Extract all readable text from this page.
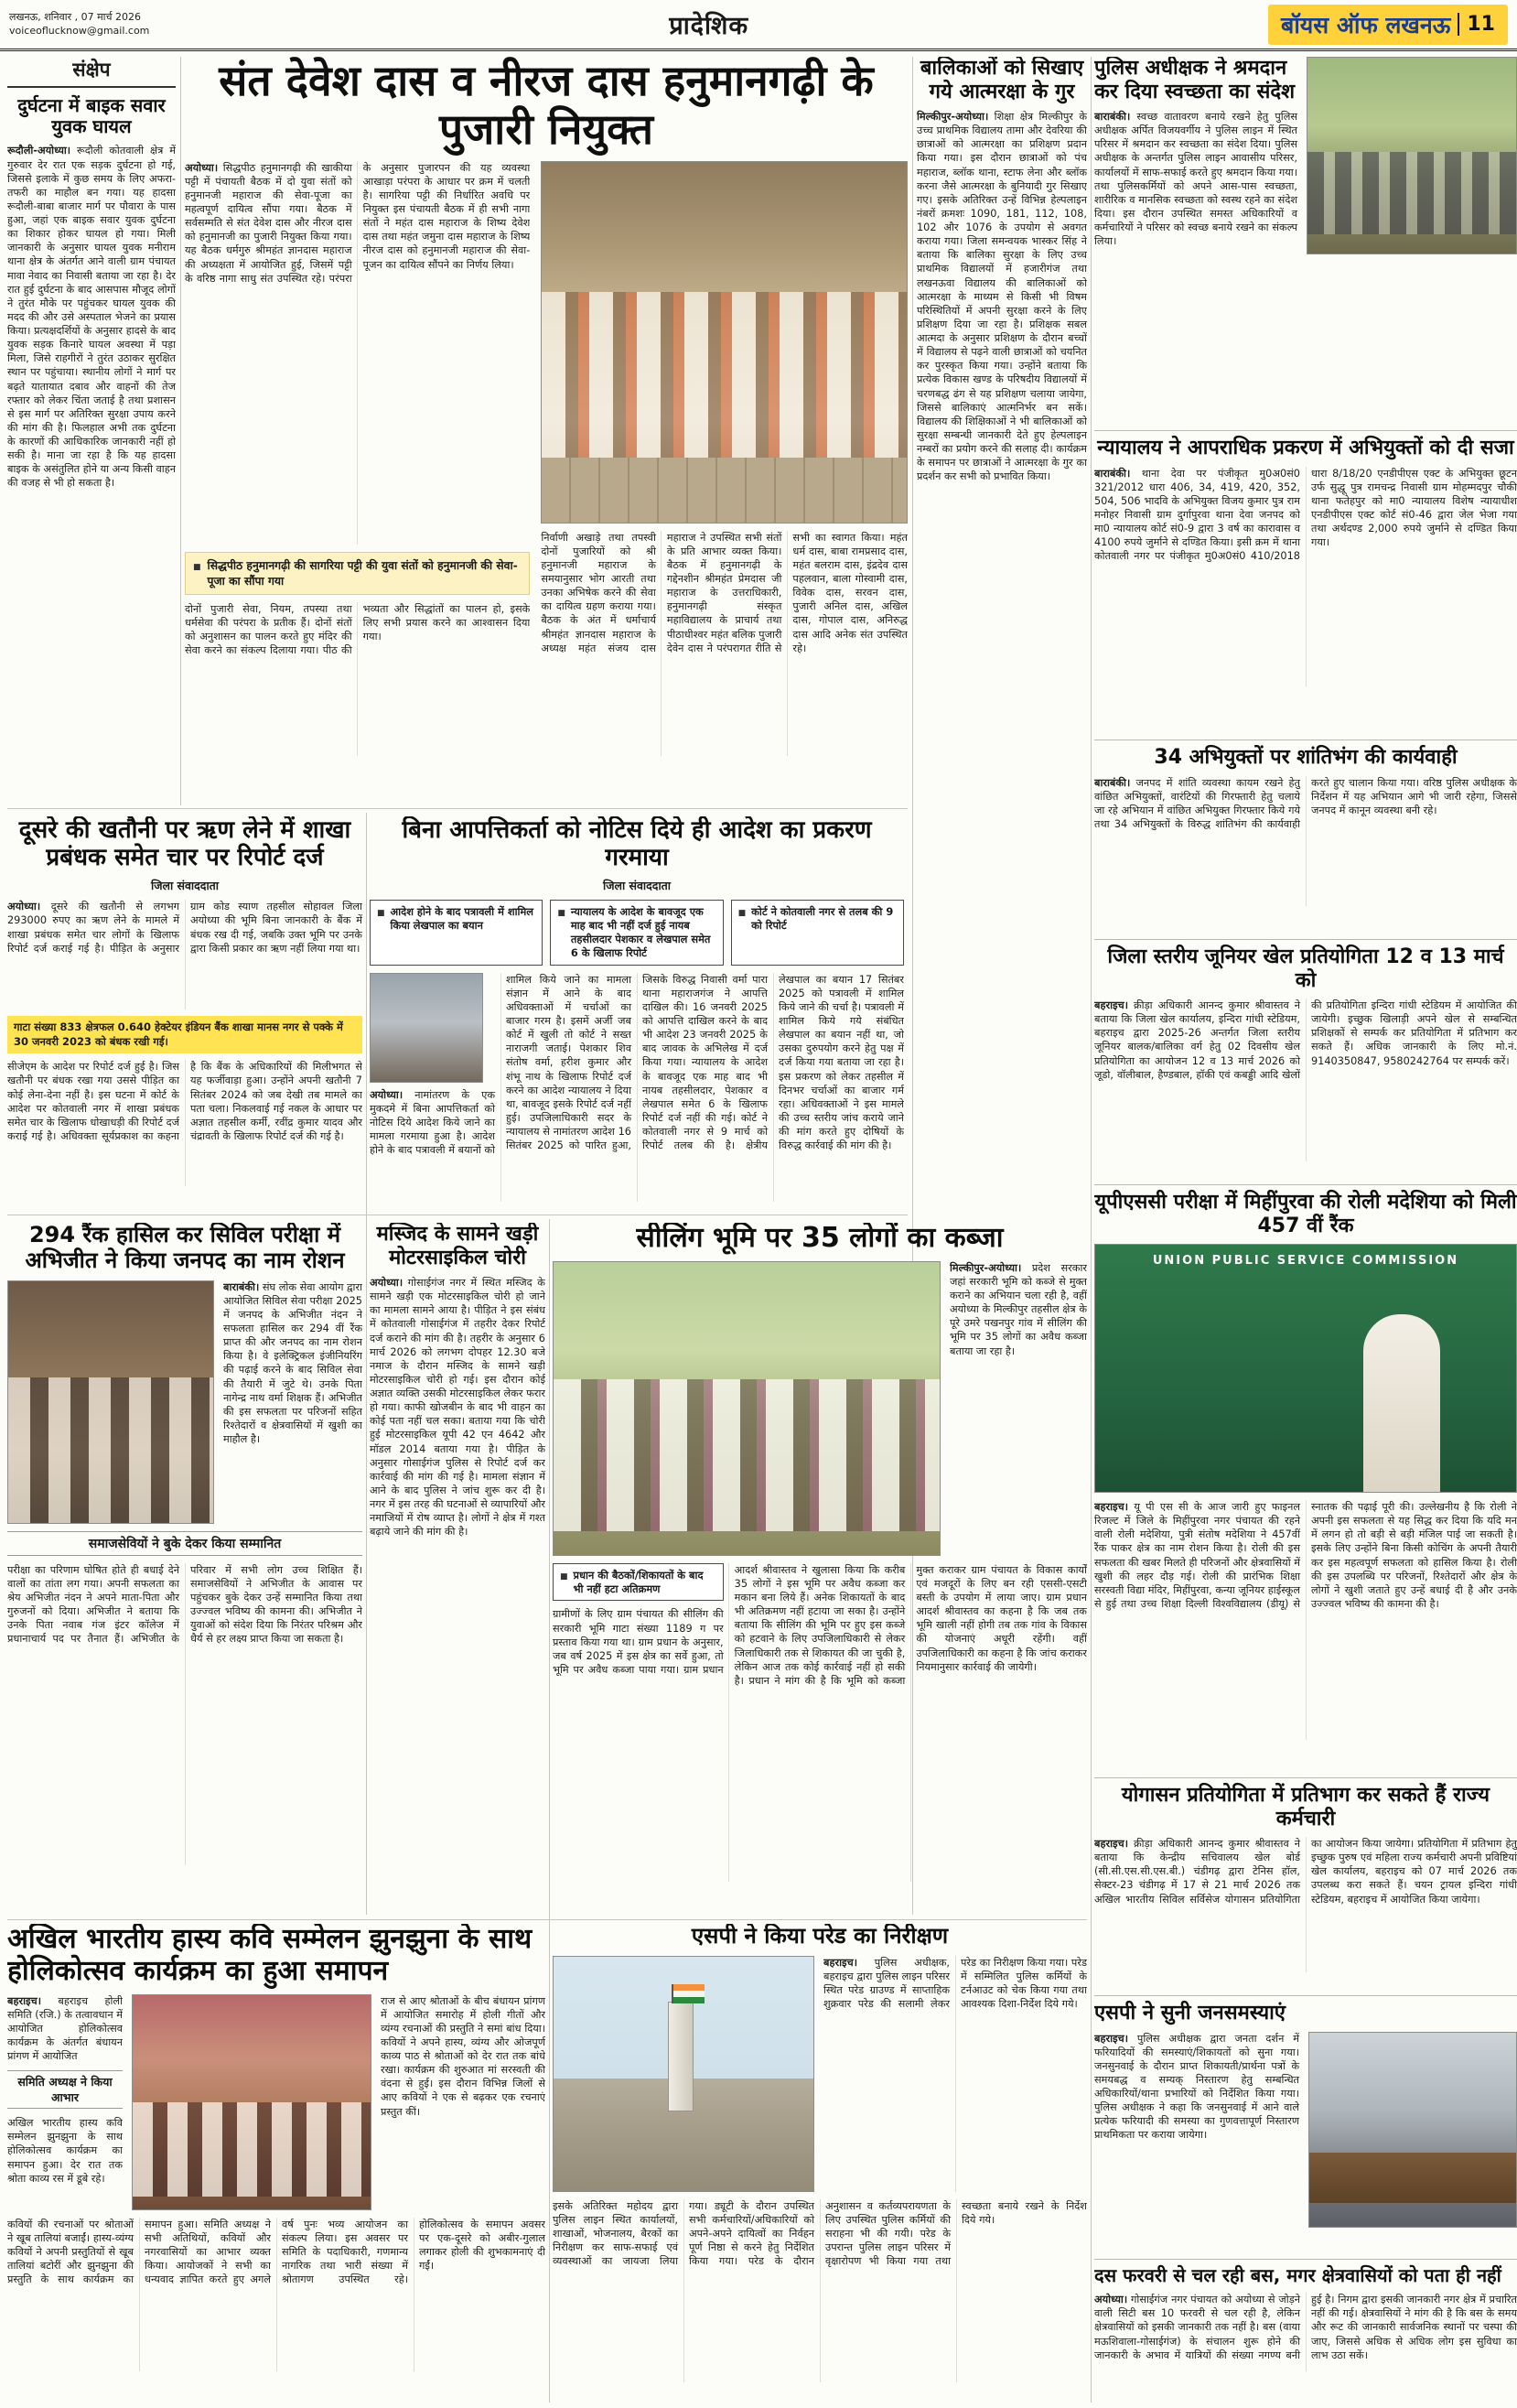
लखनऊ, शनिवार , 07 मार्च 2026
voiceoflucknow@gmail.com	प्रादेशिक	बॉयस ऑफ लखनऊ 11
संक्षेप
दुर्घटना में बाइक सवार युवक घायल

रूदौली-अयोध्या। रूदौली कोतवाली क्षेत्र में गुरुवार देर रात एक सड़क दुर्घटना हो गई, जिससे इलाके में कुछ समय के लिए अफरा-तफरी का माहौल बन गया। यह हादसा रूदौली-बाबा बाजार मार्ग पर पौवारा के पास हुआ, जहां एक बाइक सवार युवक दुर्घटना का शिकार होकर घायल हो गया। मिली जानकारी के अनुसार घायल युवक मनीराम थाना क्षेत्र के अंतर्गत आने वाली ग्राम पंचायत मावा नेवाद का निवासी बताया जा रहा है। देर रात हुई दुर्घटना के बाद आसपास मौजूद लोगों ने तुरंत मौके पर पहुंचकर घायल युवक की मदद की और उसे अस्पताल भेजने का प्रयास किया। प्रत्यक्षदर्शियों के अनुसार हादसे के बाद युवक सड़क किनारे घायल अवस्था में पड़ा मिला, जिसे राहगीरों ने तुरंत उठाकर सुरक्षित स्थान पर पहुंचाया। स्थानीय लोगों ने मार्ग पर बढ़ते यातायात दबाव और वाहनों की तेज रफ्तार को लेकर चिंता जताई है तथा प्रशासन से इस मार्ग पर अतिरिक्त सुरक्षा उपाय करने की मांग की है। फिलहाल अभी तक दुर्घटना के कारणों की आधिकारिक जानकारी नहीं हो सकी है। माना जा रहा है कि यह हादसा बाइक के असंतुलित होने या अन्य किसी वाहन की वजह से भी हो सकता है।

संत देवेश दास व नीरज दास हनुमानगढ़ी के पुजारी नियुक्त

अयोध्या। सिद्धपीठ हनुमानगढ़ी की खाकीया पट्टी में पंचायती बैठक में दो युवा संतों को हनुमानजी महाराज की सेवा-पूजा का महत्वपूर्ण दायित्व सौंपा गया। बैठक में सर्वसम्मति से संत देवेश दास और नीरज दास को हनुमानजी का पुजारी नियुक्त किया गया। यह बैठक धर्मगुरु श्रीमहंत ज्ञानदास महाराज की अध्यक्षता में आयोजित हुई, जिसमें पट्टी के वरिष्ठ नागा साधु संत उपस्थित रहे। परंपरा के अनुसार पुजारपन की यह व्यवस्था आखाड़ा परंपरा के आधार पर क्रम में चलती है। सागरिया पट्टी की निर्धारित अवधि पर नियुक्त इस पंचायती बैठक में ही सभी नागा संतों ने महंत दास महाराज के शिष्य देवेश दास तथा महंत जमुना दास महाराज के शिष्य नीरज दास को हनुमानजी महाराज की सेवा-पूजन का दायित्व सौंपने का निर्णय लिया।

■
सिद्धपीठ हनुमानगढ़ी की सागरिया पट्टी की युवा संतों को हनुमानजी की सेवा-पूजा का सौंपा गया

दोनों पुजारी सेवा, नियम, तपस्या तथा धर्मसेवा की परंपरा के प्रतीक हैं। दोनों संतों को अनुशासन का पालन करते हुए मंदिर की सेवा करने का संकल्प दिलाया गया। पीठ की भव्यता और सिद्धांतों का पालन हो, इसके लिए सभी प्रयास करने का आश्वासन दिया गया।

निर्वाणी अखाड़े तथा तपस्वी दोनों पुजारियों को श्री हनुमानजी महाराज के समयानुसार भोग आरती तथा उनका अभिषेक करने की सेवा का दायित्व ग्रहण कराया गया। बैठक के अंत में धर्माचार्य श्रीमहंत ज्ञानदास महाराज के अध्यक्ष महंत संजय दास महाराज ने उपस्थित सभी संतों के प्रति आभार व्यक्त किया। बैठक में हनुमानगढ़ी के गद्देनशीन श्रीमहंत प्रेमदास जी महाराज के उत्तराधिकारी, हनुमानगढ़ी संस्कृत महाविद्यालय के प्राचार्य तथा पीठाधीश्वर महंत बलिक पुजारी देवेन दास ने परंपरागत रीति से सभी का स्वागत किया। महंत धर्म दास, बाबा रामप्रसाद दास, महंत बलराम दास, इंद्रदेव दास पहलवान, बाला गोस्वामी दास, विवेक दास, सरवन दास, पुजारी अनिल दास, अखिल दास, गोपाल दास, अनिरुद्ध दास आदि अनेक संत उपस्थित रहे।

बालिकाओं को सिखाए गये आत्मरक्षा के गुर

मिल्कीपुर-अयोध्या। शिक्षा क्षेत्र मिल्कीपुर के उच्च प्राथमिक विद्यालय तामा और देवरिया की छात्राओं को आत्मरक्षा का प्रशिक्षण प्रदान किया गया। इस दौरान छात्राओं को पंच महाराज, ब्लॉक थाना, स्टाफ लेना और ब्लॉक करना जैसे आत्मरक्षा के बुनियादी गुर सिखाए गए। इसके अतिरिक्त उन्हें विभिन्न हेल्पलाइन नंबरों क्रमशः 1090, 181, 112, 108, 102 और 1076 के उपयोग से अवगत कराया गया। जिला समन्वयक भास्कर सिंह ने बताया कि बालिका सुरक्षा के लिए उच्च प्राथमिक विद्यालयों में हजारीगंज तथा लखनऊवा विद्यालय की बालिकाओं को आत्मरक्षा के माध्यम से किसी भी विषम परिस्थितियों में अपनी सुरक्षा करने के लिए प्रशिक्षण दिया जा रहा है। प्रशिक्षक सबल आत्मदा के अनुसार प्रशिक्षण के दौरान बच्चों में विद्यालय से पढ़ने वाली छात्राओं को चयनित कर पुरस्कृत किया गया। उन्होंने बताया कि प्रत्येक विकास खण्ड के परिषदीय विद्यालयों में चरणबद्ध ढंग से यह प्रशिक्षण चलाया जायेगा, जिससे बालिकाएं आत्मनिर्भर बन सकें। विद्यालय की शिक्षिकाओं ने भी बालिकाओं को सुरक्षा सम्बन्धी जानकारी देते हुए हेल्पलाइन नम्बरों का प्रयोग करने की सलाह दी। कार्यक्रम के समापन पर छात्राओं ने आत्मरक्षा के गुर का प्रदर्शन कर सभी को प्रभावित किया।

पुलिस अधीक्षक ने श्रमदान कर दिया स्वच्छता का संदेश

बाराबंकी। स्वच्छ वातावरण बनाये रखने हेतु पुलिस अधीक्षक अर्पित विजयवर्गीय ने पुलिस लाइन में स्थित परिसर में श्रमदान कर स्वच्छता का संदेश दिया। पुलिस अधीक्षक के अन्तर्गत पुलिस लाइन आवासीय परिसर, कार्यालयों में साफ-सफाई करते हुए श्रमदान किया गया। तथा पुलिसकर्मियों को अपने आस-पास स्वच्छता, शारीरिक व मानसिक स्वच्छता को स्वस्थ रहने का संदेश दिया। इस दौरान उपस्थित समस्त अधिकारियों व कर्मचारियों ने परिसर को स्वच्छ बनाये रखने का संकल्प लिया।

न्यायालय ने आपराधिक प्रकरण में अभियुक्तों को दी सजा

बाराबंकी। थाना देवा पर पंजीकृत मु0अ0सं0 321/2012 धारा 406, 34, 419, 420, 352, 504, 506 भादवि के अभियुक्त विजय कुमार पुत्र राम मनोहर निवासी ग्राम दुर्गापुरवा थाना देवा जनपद को मा0 न्यायालय कोर्ट सं0-9 द्वारा 3 वर्ष का कारावास व 4100 रुपये जुर्माने से दण्डित किया। इसी क्रम में थाना कोतवाली नगर पर पंजीकृत मु0अ0सं0 410/2018 धारा 8/18/20 एनडीपीएस एक्ट के अभियुक्त छूटन उर्फ सुद्धू पुत्र रामचन्द्र निवासी ग्राम मोहम्मदपुर चौकी थाना फतेहपुर को मा0 न्यायालय विशेष न्यायाधीश एनडीपीएस एक्ट कोर्ट सं0-46 द्वारा जेल भेजा गया तथा अर्थदण्ड 2,000 रुपये जुर्माने से दण्डित किया गया।

34 अभियुक्तों पर शांतिभंग की कार्यवाही

बाराबंकी। जनपद में शांति व्यवस्था कायम रखने हेतु वांछित अभियुक्तों, वारंटियों की गिरफ्तारी हेतु चलाये जा रहे अभियान में वांछित अभियुक्त गिरफ्तार किये गये तथा 34 अभियुक्तों के विरुद्ध शांतिभंग की कार्यवाही करते हुए चालान किया गया। वरिष्ठ पुलिस अधीक्षक के निर्देशन में यह अभियान आगे भी जारी रहेगा, जिससे जनपद में कानून व्यवस्था बनी रहे।

जिला स्तरीय जूनियर खेल प्रतियोगिता 12 व 13 मार्च को

बहराइच। क्रीड़ा अधिकारी आनन्द कुमार श्रीवास्तव ने बताया कि जिला खेल कार्यालय, इन्दिरा गांधी स्टेडियम, बहराइच द्वारा 2025-26 अन्तर्गत जिला स्तरीय जूनियर बालक/बालिका वर्ग हेतु 02 दिवसीय खेल प्रतियोगिता का आयोजन 12 व 13 मार्च 2026 को जूडो, वॉलीबाल, हैण्डबाल, हॉकी एवं कबड्डी आदि खेलों की प्रतियोगिता इन्दिरा गांधी स्टेडियम में आयोजित की जायेगी। इच्छुक खिलाड़ी अपने खेल से सम्बन्धित प्रशिक्षकों से सम्पर्क कर प्रतियोगिता में प्रतिभाग कर सकते हैं। अधिक जानकारी के लिए मो.नं. 9140350847, 9580242764 पर सम्पर्क करें।

यूपीएससी परीक्षा में मिहींपुरवा की रोली मदेशिया को मिली 457 वीं रैंक
UNION PUBLIC SERVICE COMMISSION

बहराइच। यू पी एस सी के आज जारी हुए फाइनल रिजल्ट में जिले के मिहींपुरवा नगर पंचायत की रहने वाली रोली मदेशिया, पुत्री संतोष मदेशिया ने 457वीं रैंक पाकर क्षेत्र का नाम रोशन किया है। रोली की इस सफलता की खबर मिलते ही परिजनों और क्षेत्रवासियों में खुशी की लहर दौड़ गई। रोली की प्रारंभिक शिक्षा सरस्वती विद्या मंदिर, मिहींपुरवा, कन्या जूनियर हाईस्कूल से हुई तथा उच्च शिक्षा दिल्ली विश्वविद्यालय (डीयू) से स्नातक की पढ़ाई पूरी की। उल्लेखनीय है कि रोली ने अपनी इस सफलता से यह सिद्ध कर दिया कि यदि मन में लगन हो तो बड़ी से बड़ी मंजिल पाई जा सकती है। इसके लिए उन्होंने बिना किसी कोचिंग के अपनी तैयारी कर इस महत्वपूर्ण सफलता को हासिल किया है। रोली की इस उपलब्धि पर परिजनों, रिश्तेदारों और क्षेत्र के लोगों ने खुशी जताते हुए उन्हें बधाई दी है और उनके उज्ज्वल भविष्य की कामना की है।

योगासन प्रतियोगिता में प्रतिभाग कर सकते हैं राज्य कर्मचारी

बहराइच। क्रीड़ा अधिकारी आनन्द कुमार श्रीवास्तव ने बताया कि केन्द्रीय सचिवालय खेल बोर्ड (सी.सी.एस.सी.एस.बी.) चंडीगढ़ द्वारा टेनिस हॉल, सेक्टर-23 चंडीगढ़ में 17 से 21 मार्च 2026 तक अखिल भारतीय सिविल सर्विसेज योगासन प्रतियोगिता का आयोजन किया जायेगा। प्रतियोगिता में प्रतिभाग हेतु इच्छुक पुरुष एवं महिला राज्य कर्मचारी अपनी प्रविष्टियां खेल कार्यालय, बहराइच को 07 मार्च 2026 तक उपलब्ध करा सकते हैं। चयन ट्रायल इन्दिरा गांधी स्टेडियम, बहराइच में आयोजित किया जायेगा।

एसपी ने सुनी जनसमस्याएं

बहराइच। पुलिस अधीक्षक द्वारा जनता दर्शन में फरियादियों की समस्याएं/शिकायतों को सुना गया। जनसुनवाई के दौरान प्राप्त शिकायती/प्रार्थना पत्रों के समयबद्ध व सम्यक् निस्तारण हेतु सम्बन्धित अधिकारियों/थाना प्रभारियों को निर्देशित किया गया। पुलिस अधीक्षक ने कहा कि जनसुनवाई में आने वाले प्रत्येक फरियादी की समस्या का गुणवत्तापूर्ण निस्तारण प्राथमिकता पर कराया जायेगा।

दस फरवरी से चल रही बस, मगर क्षेत्रवासियों को पता ही नहीं

अयोध्या। गोसाईगंज नगर पंचायत को अयोध्या से जोड़ने वाली सिटी बस 10 फरवरी से चल रही है, लेकिन क्षेत्रवासियों को इसकी जानकारी तक नहीं है। बस (वाया मऊशिवाला-गोसाईगंज) के संचालन शुरू होने की जानकारी के अभाव में यात्रियों की संख्या नगण्य बनी हुई है। निगम द्वारा इसकी जानकारी नगर क्षेत्र में प्रचारित नहीं की गई। क्षेत्रवासियों ने मांग की है कि बस के समय और रूट की जानकारी सार्वजनिक स्थानों पर चस्पा की जाए, जिससे अधिक से अधिक लोग इस सुविधा का लाभ उठा सकें।

दूसरे की खतौनी पर ऋण लेने में शाखा प्रबंधक समेत चार पर रिपोर्ट दर्ज
जिला संवाददाता

अयोध्या। दूसरे की खतौनी से लगभग 293000 रुपए का ऋण लेने के मामले में शाखा प्रबंधक समेत चार लोगों के खिलाफ रिपोर्ट दर्ज कराई गई है। पीड़ित के अनुसार ग्राम कोड स्याण तहसील सोहावल जिला अयोध्या की भूमि बिना जानकारी के बैंक में बंधक रख दी गई, जबकि उक्त भूमि पर उनके द्वारा किसी प्रकार का ऋण नहीं लिया गया था।

गाटा संख्या 833 क्षेत्रफल 0.640 हेक्टेयर इंडियन बैंक शाखा मानस नगर से पक्के में 30 जनवरी 2023 को बंधक रखी गई।

सीजेएम के आदेश पर रिपोर्ट दर्ज हुई है। जिस खतौनी पर बंधक रखा गया उससे पीड़ित का कोई लेना-देना नहीं है। इस घटना में कोर्ट के आदेश पर कोतवाली नगर में शाखा प्रबंधक समेत चार के खिलाफ धोखाधड़ी की रिपोर्ट दर्ज कराई गई है। अधिवक्ता सूर्यप्रकाश का कहना है कि बैंक के अधिकारियों की मिलीभगत से यह फर्जीवाड़ा हुआ। उन्होंने अपनी खतौनी 7 सितंबर 2024 को जब देखी तब मामले का पता चला। निकलवाई गई नकल के आधार पर अज्ञात तहसील कर्मी, रवींद्र कुमार यादव और चंद्रावती के खिलाफ रिपोर्ट दर्ज की गई है।

बिना आपत्तिकर्ता को नोटिस दिये ही आदेश का प्रकरण गरमाया
जिला संवाददाता
■
आदेश होने के बाद पत्रावली में शामिल किया लेखपाल का बयान
■
न्यायालय के आदेश के बावजूद एक माह बाद भी नहीं दर्ज हुई नायब तहसीलदार पेशकार व लेखपाल समेत 6 के खिलाफ रिपोर्ट
■
कोर्ट ने कोतवाली नगर से तलब की 9 को रिपोर्ट

अयोध्या। नामांतरण के एक मुकदमे में बिना आपत्तिकर्ता को नोटिस दिये आदेश किये जाने का मामला गरमाया हुआ है। आदेश होने के बाद पत्रावली में बयानों को शामिल किये जाने का मामला संज्ञान में आने के बाद अधिवक्ताओं में चर्चाओं का बाजार गरम है। इसमें अर्जी जब कोर्ट में खुली तो कोर्ट ने सख्त नाराजगी जताई। पेशकार शिव संतोष वर्मा, हरीश कुमार और शंभू नाथ के खिलाफ रिपोर्ट दर्ज करने का आदेश न्यायालय ने दिया था, बावजूद इसके रिपोर्ट दर्ज नहीं हुई। उपजिलाधिकारी सदर के न्यायालय से नामांतरण आदेश 16 सितंबर 2025 को पारित हुआ, जिसके विरुद्ध निवासी वर्मा पारा थाना महाराजगंज ने आपत्ति दाखिल की। 16 जनवरी 2025 को आपत्ति दाखिल करने के बाद भी आदेश 23 जनवरी 2025 के बाद जावक के अभिलेख में दर्ज किया गया। न्यायालय के आदेश के बावजूद एक माह बाद भी नायब तहसीलदार, पेशकार व लेखपाल समेत 6 के खिलाफ रिपोर्ट दर्ज नहीं की गई। कोर्ट ने कोतवाली नगर से 9 मार्च को रिपोर्ट तलब की है। क्षेत्रीय लेखपाल का बयान 17 सितंबर 2025 को पत्रावली में शामिल किये जाने की चर्चा है। पत्रावली में शामिल किये गये संबंधित लेखपाल का बयान नहीं था, जो उसका दुरुपयोग करने हेतु पक्ष में दर्ज किया गया बताया जा रहा है। इस प्रकरण को लेकर तहसील में दिनभर चर्चाओं का बाजार गर्म रहा। अधिवक्ताओं ने इस मामले की उच्च स्तरीय जांच कराये जाने की मांग करते हुए दोषियों के विरुद्ध कार्रवाई की मांग की है।

294 रैंक हासिल कर सिविल परीक्षा में अभिजीत ने किया जनपद का नाम रोशन

बाराबंकी। संघ लोक सेवा आयोग द्वारा आयोजित सिविल सेवा परीक्षा 2025 में जनपद के अभिजीत नंदन ने सफलता हासिल कर 294 वीं रैंक प्राप्त की और जनपद का नाम रोशन किया है। वे इलेक्ट्रिकल इंजीनियरिंग की पढ़ाई करने के बाद सिविल सेवा की तैयारी में जुटे थे। उनके पिता नागेन्द्र नाथ वर्मा शिक्षक हैं। अभिजीत की इस सफलता पर परिजनों सहित रिश्तेदारों व क्षेत्रवासियों में खुशी का माहौल है।

समाजसेवियों ने बुके देकर किया सम्मानित

परीक्षा का परिणाम घोषित होते ही बधाई देने वालों का तांता लग गया। अपनी सफलता का श्रेय अभिजीत नंदन ने अपने माता-पिता और गुरुजनों को दिया। अभिजीत ने बताया कि उनके पिता नवाब गंज इंटर कॉलेज में प्रधानाचार्य पद पर तैनात हैं। अभिजीत के परिवार में सभी लोग उच्च शिक्षित हैं। समाजसेवियों ने अभिजीत के आवास पर पहुंचकर बुके देकर उन्हें सम्मानित किया तथा उज्ज्वल भविष्य की कामना की। अभिजीत ने युवाओं को संदेश दिया कि निरंतर परिश्रम और धैर्य से हर लक्ष्य प्राप्त किया जा सकता है।

मस्जिद के सामने खड़ी मोटरसाइकिल चोरी

अयोध्या। गोसाईगंज नगर में स्थित मस्जिद के सामने खड़ी एक मोटरसाइकिल चोरी हो जाने का मामला सामने आया है। पीड़ित ने इस संबंध में कोतवाली गोसाईगंज में तहरीर देकर रिपोर्ट दर्ज कराने की मांग की है। तहरीर के अनुसार 6 मार्च 2026 को लगभग दोपहर 12.30 बजे नमाज के दौरान मस्जिद के सामने खड़ी मोटरसाइकिल चोरी हो गई। इस दौरान कोई अज्ञात व्यक्ति उसकी मोटरसाइकिल लेकर फरार हो गया। काफी खोजबीन के बाद भी वाहन का कोई पता नहीं चल सका। बताया गया कि चोरी हुई मोटरसाइकिल यूपी 42 एन 4642 और मॉडल 2014 बताया गया है। पीड़ित के अनुसार गोसाईगंज पुलिस से रिपोर्ट दर्ज कर कार्रवाई की मांग की गई है। मामला संज्ञान में आने के बाद पुलिस ने जांच शुरू कर दी है। नगर में इस तरह की घटनाओं से व्यापारियों और नमाजियों में रोष व्याप्त है। लोगों ने क्षेत्र में गश्त बढ़ाये जाने की मांग की है।

सीलिंग भूमि पर 35 लोगों का कब्जा

मिल्कीपुर-अयोध्या। प्रदेश सरकार जहां सरकारी भूमि को कब्जे से मुक्त कराने का अभियान चला रही है, वहीं अयोध्या के मिल्कीपुर तहसील क्षेत्र के पूरे उमरे पखनपुर गांव में सीलिंग की भूमि पर 35 लोगों का अवैध कब्जा बताया जा रहा है।

■
प्रधान की बैठकों/शिकायतों के बाद भी नहीं हटा अतिक्रमण

ग्रामीणों के लिए ग्राम पंचायत की सीलिंग की सरकारी भूमि गाटा संख्या 1189 ग पर प्रस्ताव किया गया था। ग्राम प्रधान के अनुसार, जब वर्ष 2025 में इस क्षेत्र का सर्वे हुआ, तो भूमि पर अवैध कब्जा पाया गया। ग्राम प्रधान आदर्श श्रीवास्तव ने खुलासा किया कि करीब 35 लोगों ने इस भूमि पर अवैध कब्जा कर मकान बना लिये हैं। अनेक शिकायतों के बाद भी अतिक्रमण नहीं हटाया जा सका है। उन्होंने बताया कि सीलिंग की भूमि पर हुए इस कब्जे को हटवाने के लिए उपजिलाधिकारी से लेकर जिलाधिकारी तक से शिकायत की जा चुकी है, लेकिन आज तक कोई कार्रवाई नहीं हो सकी है। प्रधान ने मांग की है कि भूमि को कब्जा मुक्त कराकर ग्राम पंचायत के विकास कार्यों एवं मजदूरों के लिए बन रही एससी-एसटी बस्ती के उपयोग में लाया जाए। ग्राम प्रधान आदर्श श्रीवास्तव का कहना है कि जब तक भूमि खाली नहीं होगी तब तक गांव के विकास की योजनाएं अधूरी रहेंगी। वहीं उपजिलाधिकारी का कहना है कि जांच कराकर नियमानुसार कार्रवाई की जायेगी।

अखिल भारतीय हास्य कवि सम्मेलन झुनझुना के साथ होलिकोत्सव कार्यक्रम का हुआ समापन

बहराइच। बहराइच होली समिति (रजि.) के तत्वावधान में आयोजित होलिकोत्सव कार्यक्रम के अंतर्गत बंधायन प्रांगण में आयोजित

समिति अध्यक्ष ने किया आभार

अखिल भारतीय हास्य कवि सम्मेलन झुनझुना के साथ होलिकोत्सव कार्यक्रम का समापन हुआ। देर रात तक श्रोता काव्य रस में डूबे रहे।

राज से आए श्रोताओं के बीच बंधायन प्रांगण में आयोजित समारोह में होली गीतों और व्यंग्य रचनाओं की प्रस्तुति ने समां बांध दिया। कवियों ने अपने हास्य, व्यंग्य और ओजपूर्ण काव्य पाठ से श्रोताओं को देर रात तक बांधे रखा। कार्यक्रम की शुरुआत मां सरस्वती की वंदना से हुई। इस दौरान विभिन्न जिलों से आए कवियों ने एक से बढ़कर एक रचनाएं प्रस्तुत कीं।

कवियों की रचनाओं पर श्रोताओं ने खूब तालियां बजाईं। हास्य-व्यंग्य कवियों ने अपनी प्रस्तुतियों से खूब तालियां बटोरीं और झुनझुना की प्रस्तुति के साथ कार्यक्रम का समापन हुआ। समिति अध्यक्ष ने सभी अतिथियों, कवियों और नगरवासियों का आभार व्यक्त किया। आयोजकों ने सभी का धन्यवाद ज्ञापित करते हुए अगले वर्ष पुनः भव्य आयोजन का संकल्प लिया। इस अवसर पर समिति के पदाधिकारी, गणमान्य नागरिक तथा भारी संख्या में श्रोतागण उपस्थित रहे। होलिकोत्सव के समापन अवसर पर एक-दूसरे को अबीर-गुलाल लगाकर होली की शुभकामनाएं दी गईं।

एसपी ने किया परेड का निरीक्षण

बहराइच। पुलिस अधीक्षक, बहराइच द्वारा पुलिस लाइन परिसर स्थित परेड ग्राउण्ड में साप्ताहिक शुक्रवार परेड की सलामी लेकर परेड का निरीक्षण किया गया। परेड में सम्मिलित पुलिस कर्मियों के टर्नआउट को चेक किया गया तथा आवश्यक दिशा-निर्देश दिये गये।

इसके अतिरिक्त महोदय द्वारा पुलिस लाइन स्थित कार्यालयों, शाखाओं, भोजनालय, बैरकों का निरीक्षण कर साफ-सफाई एवं व्यवस्थाओं का जायजा लिया गया। ड्यूटी के दौरान उपस्थित सभी कर्मचारियों/अधिकारियों को अपने-अपने दायित्वों का निर्वहन पूर्ण निष्ठा से करने हेतु निर्देशित किया गया। परेड के दौरान अनुशासन व कर्तव्यपरायणता के लिए उपस्थित पुलिस कर्मियों की सराहना भी की गयी। परेड के उपरान्त पुलिस लाइन परिसर में वृक्षारोपण भी किया गया तथा स्वच्छता बनाये रखने के निर्देश दिये गये।
